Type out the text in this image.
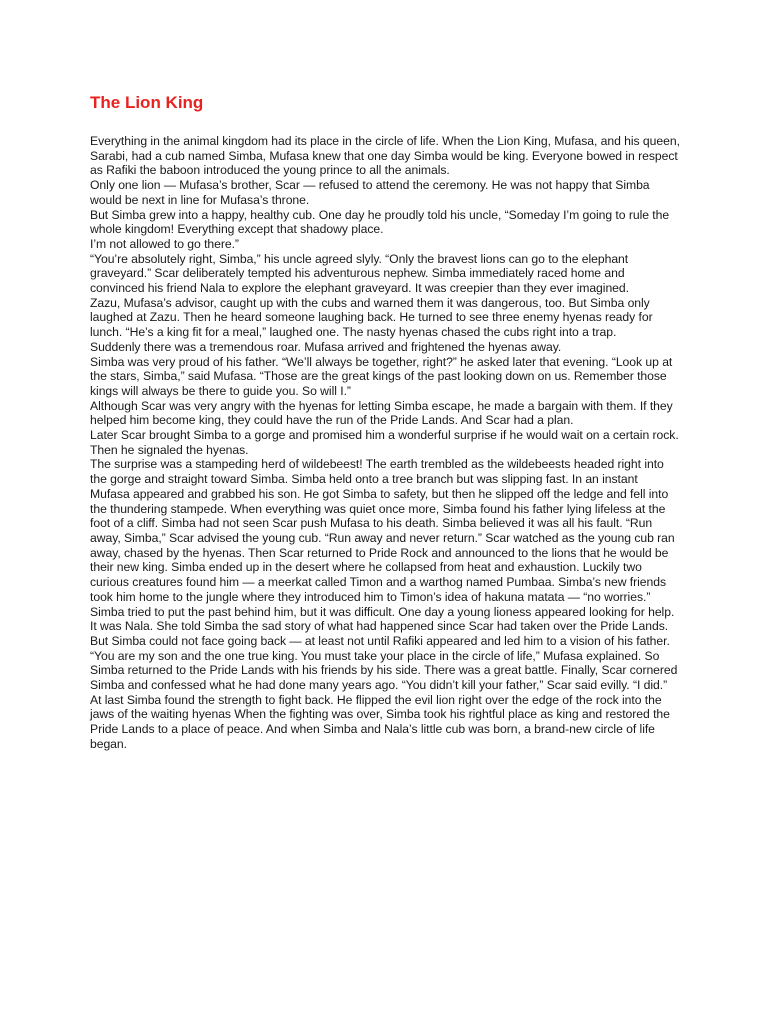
The Lion King
Everything in the animal kingdom had its place in the circle of life. When the Lion King, Mufasa, and his queen, Sarabi, had a cub named Simba, Mufasa knew that one day Simba would be king. Everyone bowed in respect as Rafiki the baboon introduced the young prince to all the animals.
Only one lion — Mufasa’s brother, Scar — refused to attend the ceremony. He was not happy that Simba would be next in line for Mufasa’s throne.
But Simba grew into a happy, healthy cub. One day he proudly told his uncle, “Someday I’m going to rule the whole kingdom! Everything except that shadowy place.
I’m not allowed to go there.”
“You’re absolutely right, Simba,” his uncle agreed slyly. “Only the bravest lions can go to the elephant graveyard.” Scar deliberately tempted his adventurous nephew. Simba immediately raced home and convinced his friend Nala to explore the elephant graveyard. It was creepier than they ever imagined.
Zazu, Mufasa’s advisor, caught up with the cubs and warned them it was dangerous, too. But Simba only laughed at Zazu. Then he heard someone laughing back. He turned to see three enemy hyenas ready for lunch. “He’s a king fit for a meal,” laughed one. The nasty hyenas chased the cubs right into a trap.
Suddenly there was a tremendous roar. Mufasa arrived and frightened the hyenas away.
Simba was very proud of his father. “We’ll always be together, right?” he asked later that evening. “Look up at the stars, Simba,” said Mufasa. “Those are the great kings of the past looking down on us. Remember those kings will always be there to guide you. So will I.”
Although Scar was very angry with the hyenas for letting Simba escape, he made a bargain with them. If they helped him become king, they could have the run of the Pride Lands. And Scar had a plan.
Later Scar brought Simba to a gorge and promised him a wonderful surprise if he would wait on a certain rock. Then he signaled the hyenas.
The surprise was a stampeding herd of wildebeest! The earth trembled as the wildebeests headed right into the gorge and straight toward Simba. Simba held onto a tree branch but was slipping fast. In an instant Mufasa appeared and grabbed his son. He got Simba to safety, but then he slipped off the ledge and fell into the thundering stampede. When everything was quiet once more, Simba found his father lying lifeless at the foot of a cliff. Simba had not seen Scar push Mufasa to his death. Simba believed it was all his fault. “Run away, Simba,” Scar advised the young cub. “Run away and never return.” Scar watched as the young cub ran away, chased by the hyenas. Then Scar returned to Pride Rock and announced to the lions that he would be their new king. Simba ended up in the desert where he collapsed from heat and exhaustion. Luckily two curious creatures found him — a meerkat called Timon and a warthog named Pumbaa. Simba’s new friends took him home to the jungle where they introduced him to Timon’s idea of hakuna matata — “no worries.”
Simba tried to put the past behind him, but it was difficult. One day a young lioness appeared looking for help. It was Nala. She told Simba the sad story of what had happened since Scar had taken over the Pride Lands.
But Simba could not face going back — at least not until Rafiki appeared and led him to a vision of his father. “You are my son and the one true king. You must take your place in the circle of life,” Mufasa explained. So Simba returned to the Pride Lands with his friends by his side. There was a great battle. Finally, Scar cornered Simba and confessed what he had done many years ago. “You didn’t kill your father,” Scar said evilly. “I did.” At last Simba found the strength to fight back. He flipped the evil lion right over the edge of the rock into the jaws of the waiting hyenas When the fighting was over, Simba took his rightful place as king and restored the Pride Lands to a place of peace. And when Simba and Nala’s little cub was born, a brand-new circle of life began.
